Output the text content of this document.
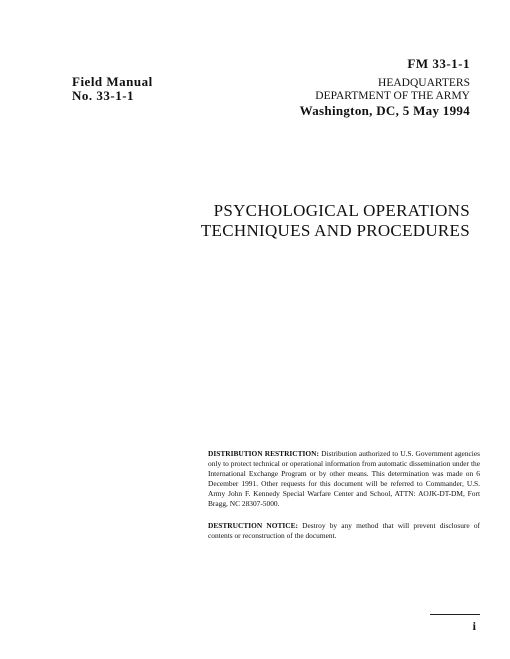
FM 33-1-1
Field Manual
No. 33-1-1
HEADQUARTERS
DEPARTMENT OF THE ARMY
Washington, DC, 5 May 1994
PSYCHOLOGICAL OPERATIONS
TECHNIQUES AND PROCEDURES
DISTRIBUTION RESTRICTION: Distribution authorized to U.S. Government agencies only to protect technical or operational information from automatic dissemination under the International Exchange Program or by other means. This determination was made on 6 December 1991. Other requests for this document will be referred to Commander, U.S. Army John F. Kennedy Special Warfare Center and School, ATTN: AOJK-DT-DM, Fort Bragg, NC 28307-5000.
DESTRUCTION NOTICE: Destroy by any method that will prevent disclosure of contents or reconstruction of the document.
i
